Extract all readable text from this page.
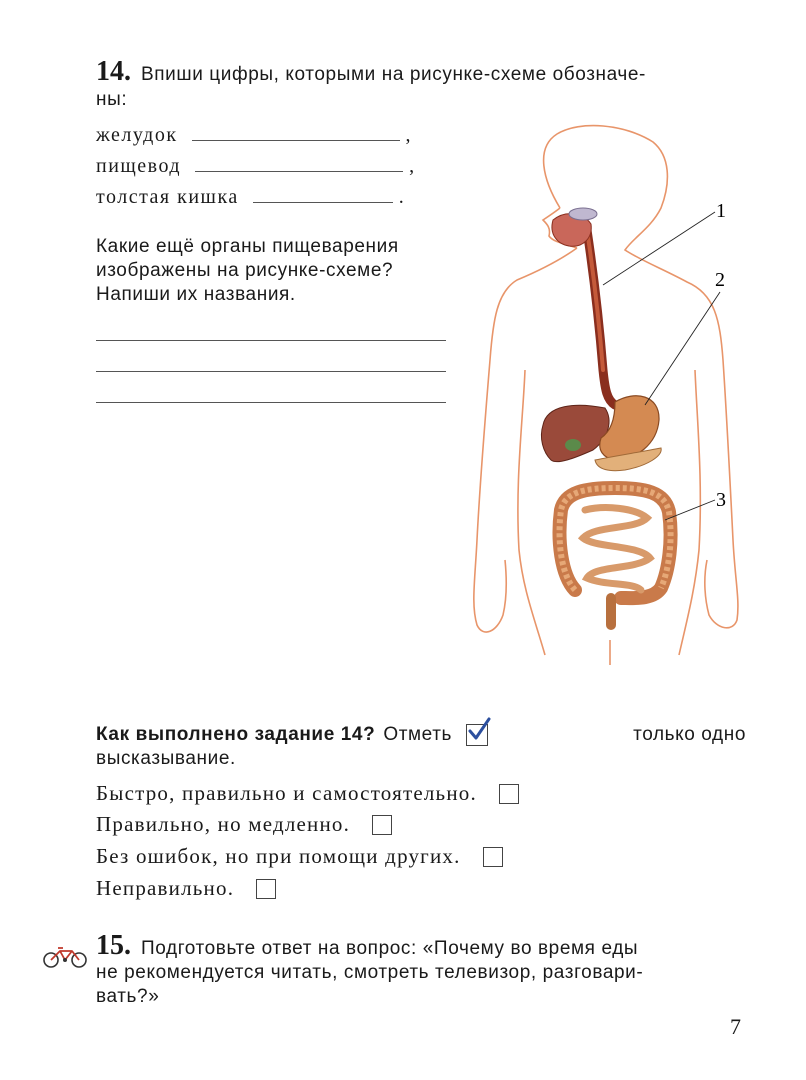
14. Впиши цифры, которыми на рисунке-схеме обозначе-
ны:
желудок	,
пищевод	,
толстая кишка	.
Какие ещё органы пищеварения
изображены на рисунке-схеме?
Напиши их названия.
1
2
3
Как выполнено задание 14? Отметь	только одно
высказывание.
Быстро, правильно и самостоятельно.
Правильно, но медленно.
Без ошибок, но при помощи других.
Неправильно.
15. Подготовьте ответ на вопрос: «Почему во время еды
не рекомендуется читать, смотреть телевизор, разговари-
вать?»
7
